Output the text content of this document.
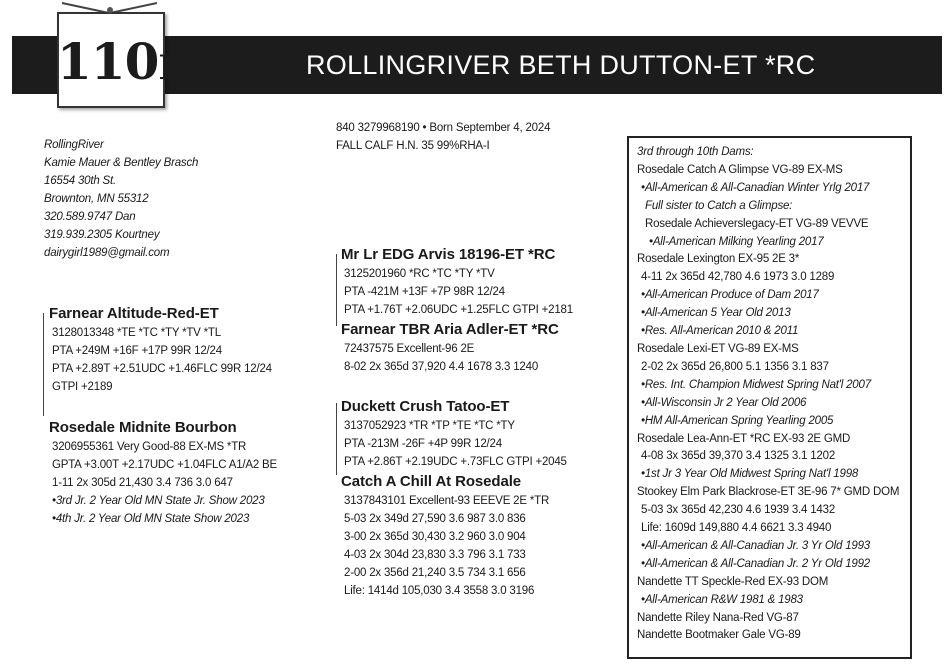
110R	ROLLINGRIVER BETH DUTTON-ET *RC
RollingRiver
Kamie Mauer & Bentley Brasch
16554 30th St.
Brownton, MN 55312
320.589.9747 Dan
319.939.2305 Kourtney
dairygirl1989@gmail.com
840 3279968190 • Born September 4, 2024
FALL CALF H.N. 35 99%RHA-I
Farnear Altitude-Red-ET
3128013348 *TE *TC *TY *TV *TL
PTA +249M +16F +17P 99R 12/24
PTA +2.89T +2.51UDC +1.46FLC 99R 12/24
GTPI +2189
Rosedale Midnite Bourbon
3206955361 Very Good-88 EX-MS *TR
GPTA +3.00T +2.17UDC +1.04FLC A1/A2 BE
1-11 2x 305d 21,430 3.4 736 3.0 647
•3rd Jr. 2 Year Old MN State Jr. Show 2023
•4th Jr. 2 Year Old MN State Show 2023
Mr Lr EDG Arvis 18196-ET *RC
3125201960 *RC *TC *TY *TV
PTA -421M +13F +7P 98R 12/24
PTA +1.76T +2.06UDC +1.25FLC GTPI +2181
Farnear TBR Aria Adler-ET *RC
72437575 Excellent-96 2E
8-02 2x 365d 37,920 4.4 1678 3.3 1240
Duckett Crush Tatoo-ET
3137052923 *TR *TP *TE *TC *TY
PTA -213M -26F +4P 99R 12/24
PTA +2.86T +2.19UDC +.73FLC GTPI +2045
Catch A Chill At Rosedale
3137843101 Excellent-93 EEEVE 2E *TR
5-03 2x 349d 27,590 3.6 987 3.0 836
3-00 2x 365d 30,430 3.2 960 3.0 904
4-03 2x 304d 23,830 3.3 796 3.1 733
2-00 2x 356d 21,240 3.5 734 3.1 656
Life: 1414d 105,030 3.4 3558 3.0 3196
3rd through 10th Dams:
Rosedale Catch A Glimpse VG-89 EX-MS
•All-American & All-Canadian Winter Yrlg 2017
Full sister to Catch a Glimpse:
Rosedale Achieverslegacy-ET VG-89 VEVVE
•All-American Milking Yearling 2017
Rosedale Lexington EX-95 2E 3*
4-11 2x 365d 42,780 4.6 1973 3.0 1289
•All-American Produce of Dam 2017
•All-American 5 Year Old 2013
•Res. All-American 2010 & 2011
Rosedale Lexi-ET VG-89 EX-MS
2-02 2x 365d 26,800 5.1 1356 3.1 837
•Res. Int. Champion Midwest Spring Nat'l 2007
•All-Wisconsin Jr 2 Year Old 2006
•HM All-American Spring Yearling 2005
Rosedale Lea-Ann-ET *RC EX-93 2E GMD
4-08 3x 365d 39,370 3.4 1325 3.1 1202
•1st Jr 3 Year Old Midwest Spring Nat'l 1998
Stookey Elm Park Blackrose-ET 3E-96 7* GMD DOM
5-03 3x 365d 42,230 4.6 1939 3.4 1432
Life: 1609d 149,880 4.4 6621 3.3 4940
•All-American & All-Canadian Jr. 3 Yr Old 1993
•All-American & All-Canadian Jr. 2 Yr Old 1992
Nandette TT Speckle-Red EX-93 DOM
•All-American R&W 1981 & 1983
Nandette Riley Nana-Red VG-87
Nandette Bootmaker Gale VG-89
